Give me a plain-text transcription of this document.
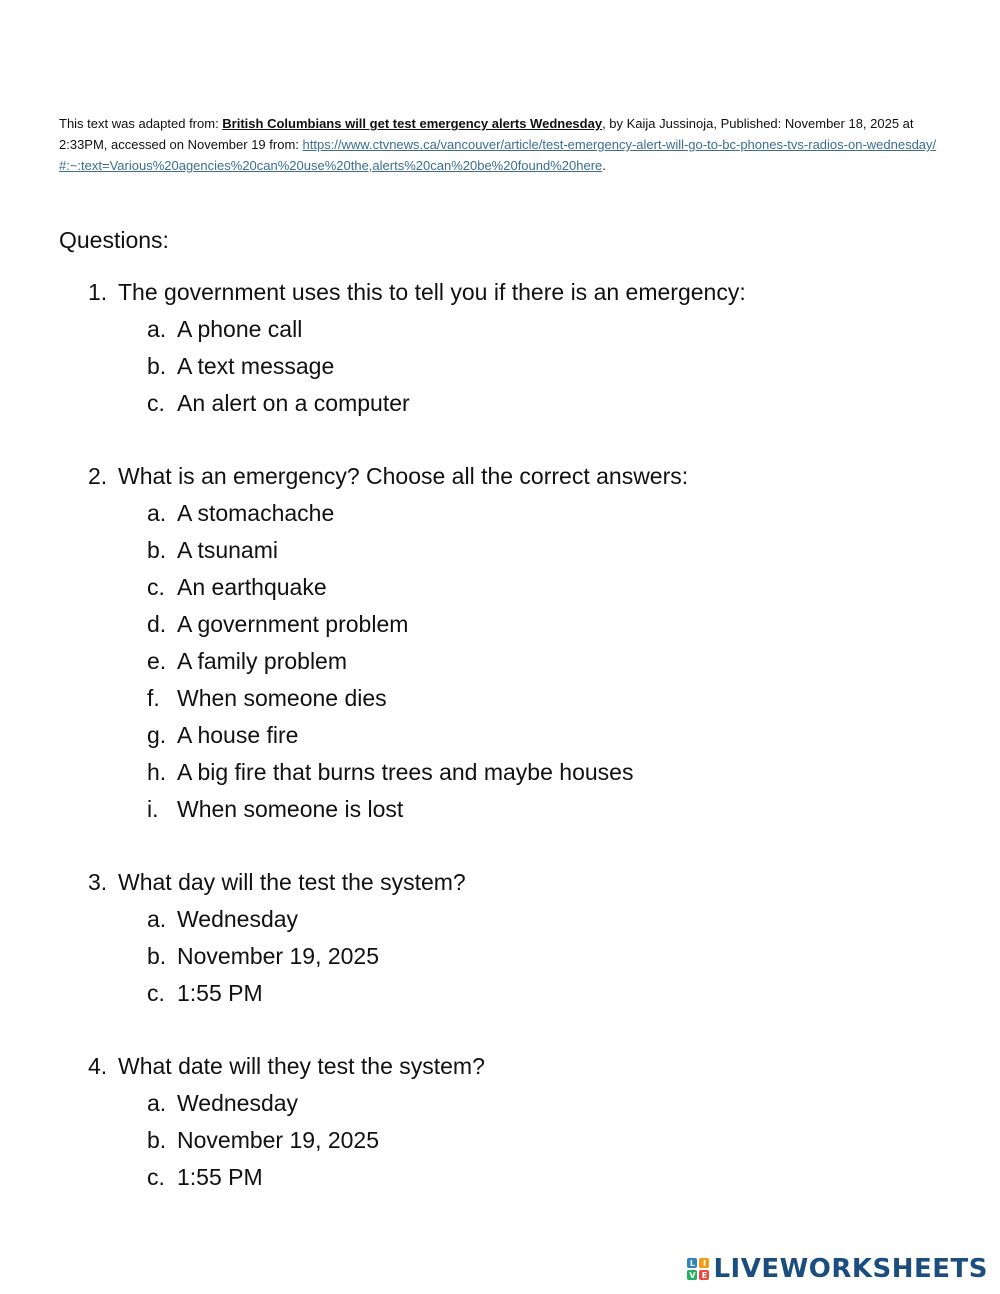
This text was adapted from: British Columbians will get test emergency alerts Wednesday, by Kaija Jussinoja, Published: November 18, 2025 at 2:33PM, accessed on November 19 from: https://www.ctvnews.ca/vancouver/article/test-emergency-alert-will-go-to-bc-phones-tvs-radios-on-wednesday/#:~:text=Various%20agencies%20can%20use%20the,alerts%20can%20be%20found%20here.
Questions:
1. The government uses this to tell you if there is an emergency:
a. A phone call
b. A text message
c. An alert on a computer
2. What is an emergency? Choose all the correct answers:
a. A stomachache
b. A tsunami
c. An earthquake
d. A government problem
e. A family problem
f. When someone dies
g. A house fire
h. A big fire that burns trees and maybe houses
i. When someone is lost
3. What day will the test the system?
a. Wednesday
b. November 19, 2025
c. 1:55 PM
4. What date will they test the system?
a. Wednesday
b. November 19, 2025
c. 1:55 PM
L I
V E LIVEWORKSHEETS
